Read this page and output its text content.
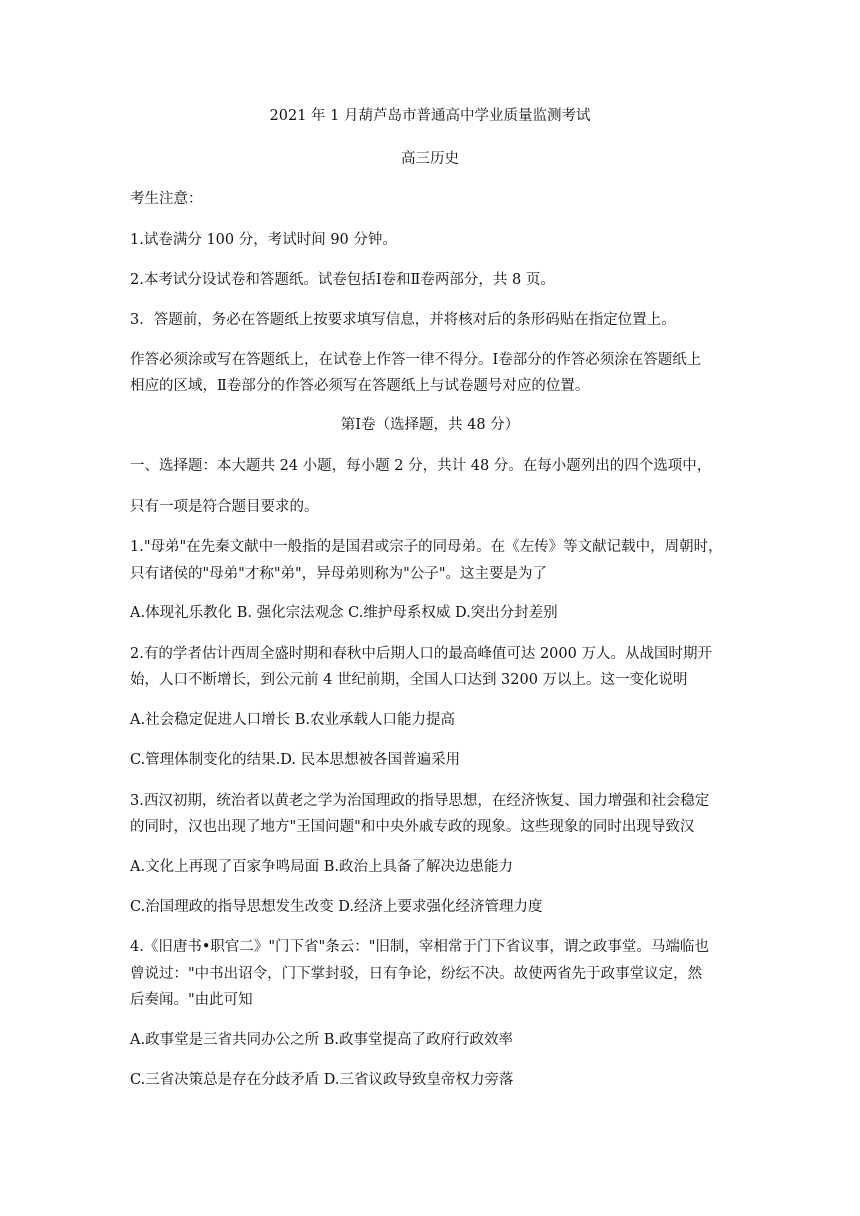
2021 年 1 月葫芦岛市普通高中学业质量监测考试
高三历史
考生注意：
1.试卷满分 100 分，考试时间 90 分钟。
2.本考试分设试卷和答题纸。试卷包括Ⅰ卷和Ⅱ卷两部分，共 8 页。
3．答题前，务必在答题纸上按要求填写信息，并将核对后的条形码贴在指定位置上。
作答必须涂或写在答题纸上，在试卷上作答一律不得分。Ⅰ卷部分的作答必须涂在答题纸上
相应的区域，Ⅱ卷部分的作答必须写在答题纸上与试卷题号对应的位置。
第Ⅰ卷（选择题，共 48 分）
一、选择题：本大题共 24 小题，每小题 2 分，共计 48 分。在每小题列出的四个选项中，
只有一项是符合题目要求的。
1."母弟"在先秦文献中一般指的是国君或宗子的同母弟。在《左传》等文献记载中，周朝时，
只有诸侯的"母弟"才称"弟"，异母弟则称为"公子"。这主要是为了
A.体现礼乐教化 B. 强化宗法观念 C.维护母系权威 D.突出分封差别
2.有的学者估计西周全盛时期和春秋中后期人口的最高峰值可达 2000 万人。从战国时期开
始，人口不断增长，到公元前 4 世纪前期，全国人口达到 3200 万以上。这一变化说明
A.社会稳定促进人口增长 B.农业承载人口能力提高
C.管理体制变化的结果.D. 民本思想被各国普遍采用
3.西汉初期，统治者以黄老之学为治国理政的指导思想，在经济恢复、国力增强和社会稳定
的同时，汉也出现了地方"王国问题"和中央外戚专政的现象。这些现象的同时出现导致汉
A.文化上再现了百家争鸣局面 B.政治上具备了解决边患能力
C.治国理政的指导思想发生改变 D.经济上要求强化经济管理力度
4.《旧唐书•职官二》"门下省"条云："旧制，宰相常于门下省议事，谓之政事堂。马端临也
曾说过："中书出诏令，门下掌封驳，日有争论，纷纭不决。故使两省先于政事堂议定，然
后奏闻。"由此可知
A.政事堂是三省共同办公之所 B.政事堂提高了政府行政效率
C.三省决策总是存在分歧矛盾 D.三省议政导致皇帝权力旁落
